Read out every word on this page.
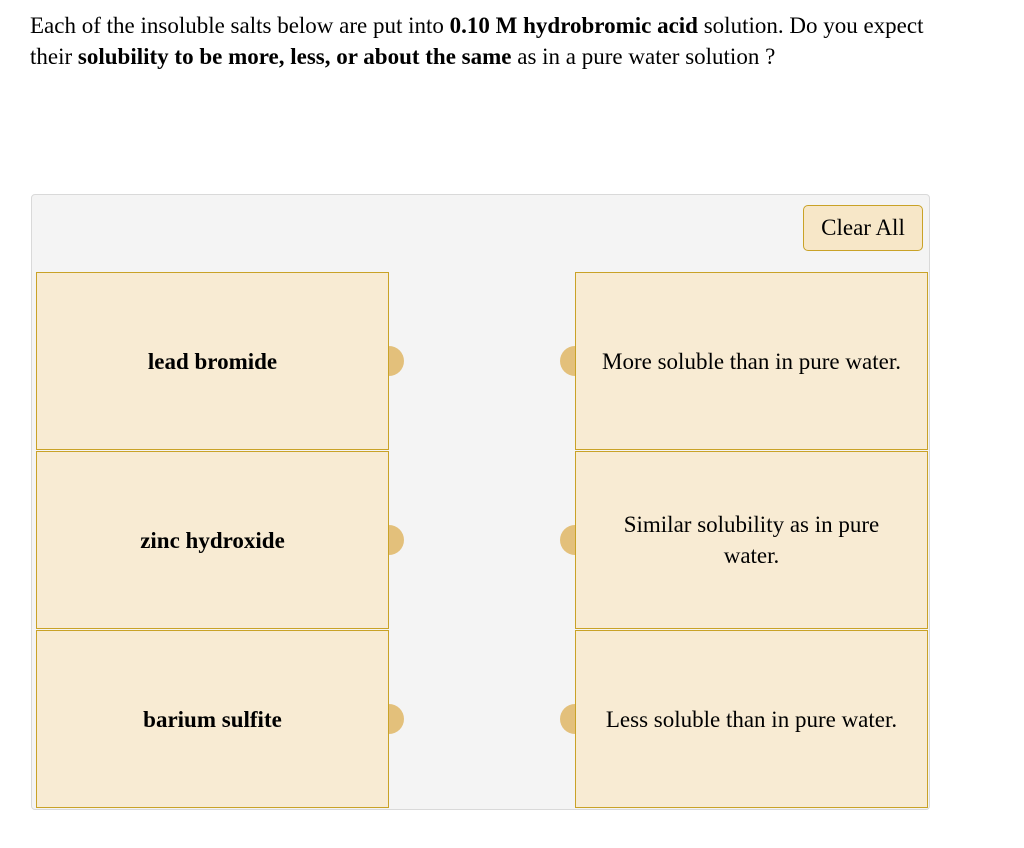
Each of the insoluble salts below are put into 0.10 M hydrobromic acid solution. Do you expect their solubility to be more, less, or about the same as in a pure water solution ?
Clear All
lead bromide
zinc hydroxide
barium sulfite
More soluble than in pure water.
Similar solubility as in pure water.
Less soluble than in pure water.
